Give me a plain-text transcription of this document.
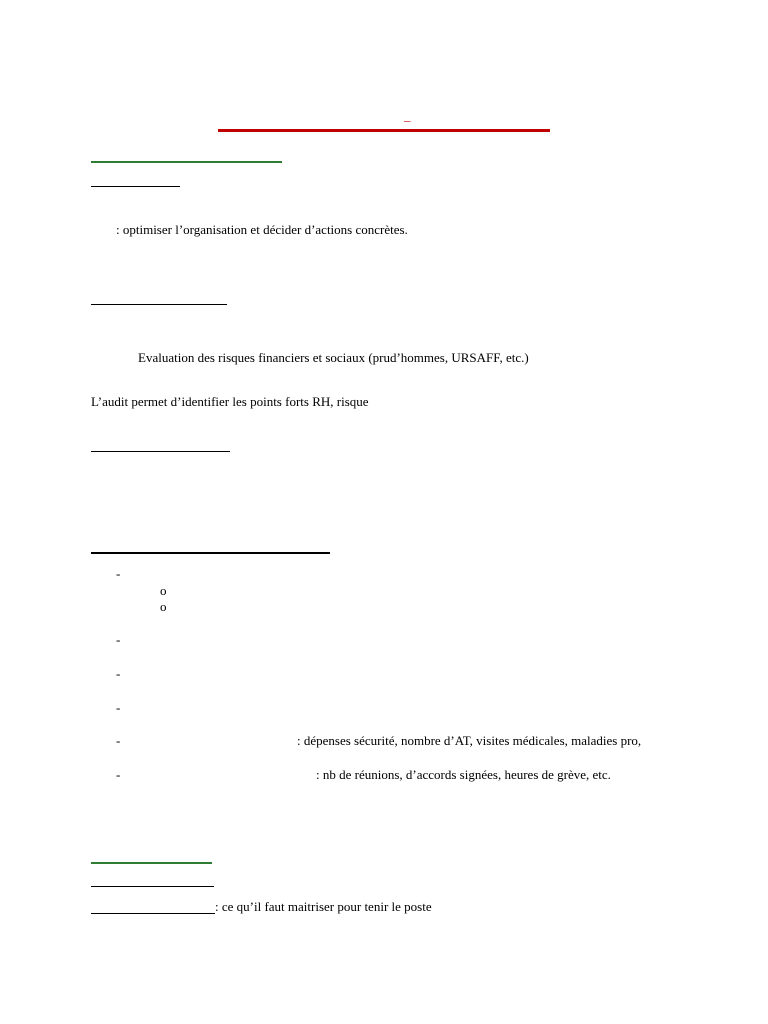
_
: optimiser l’organisation et décider d’actions concrètes.
Evaluation des risques financiers et sociaux (prud’hommes, URSAFF, etc.)
L’audit permet d’identifier les points forts RH, risque
-
o
o
-
-
-
-	: dépenses sécurité, nombre d’AT, visites médicales, maladies pro,
-	: nb de réunions, d’accords signées, heures de grève, etc.
: ce qu’il faut maitriser pour tenir le poste
